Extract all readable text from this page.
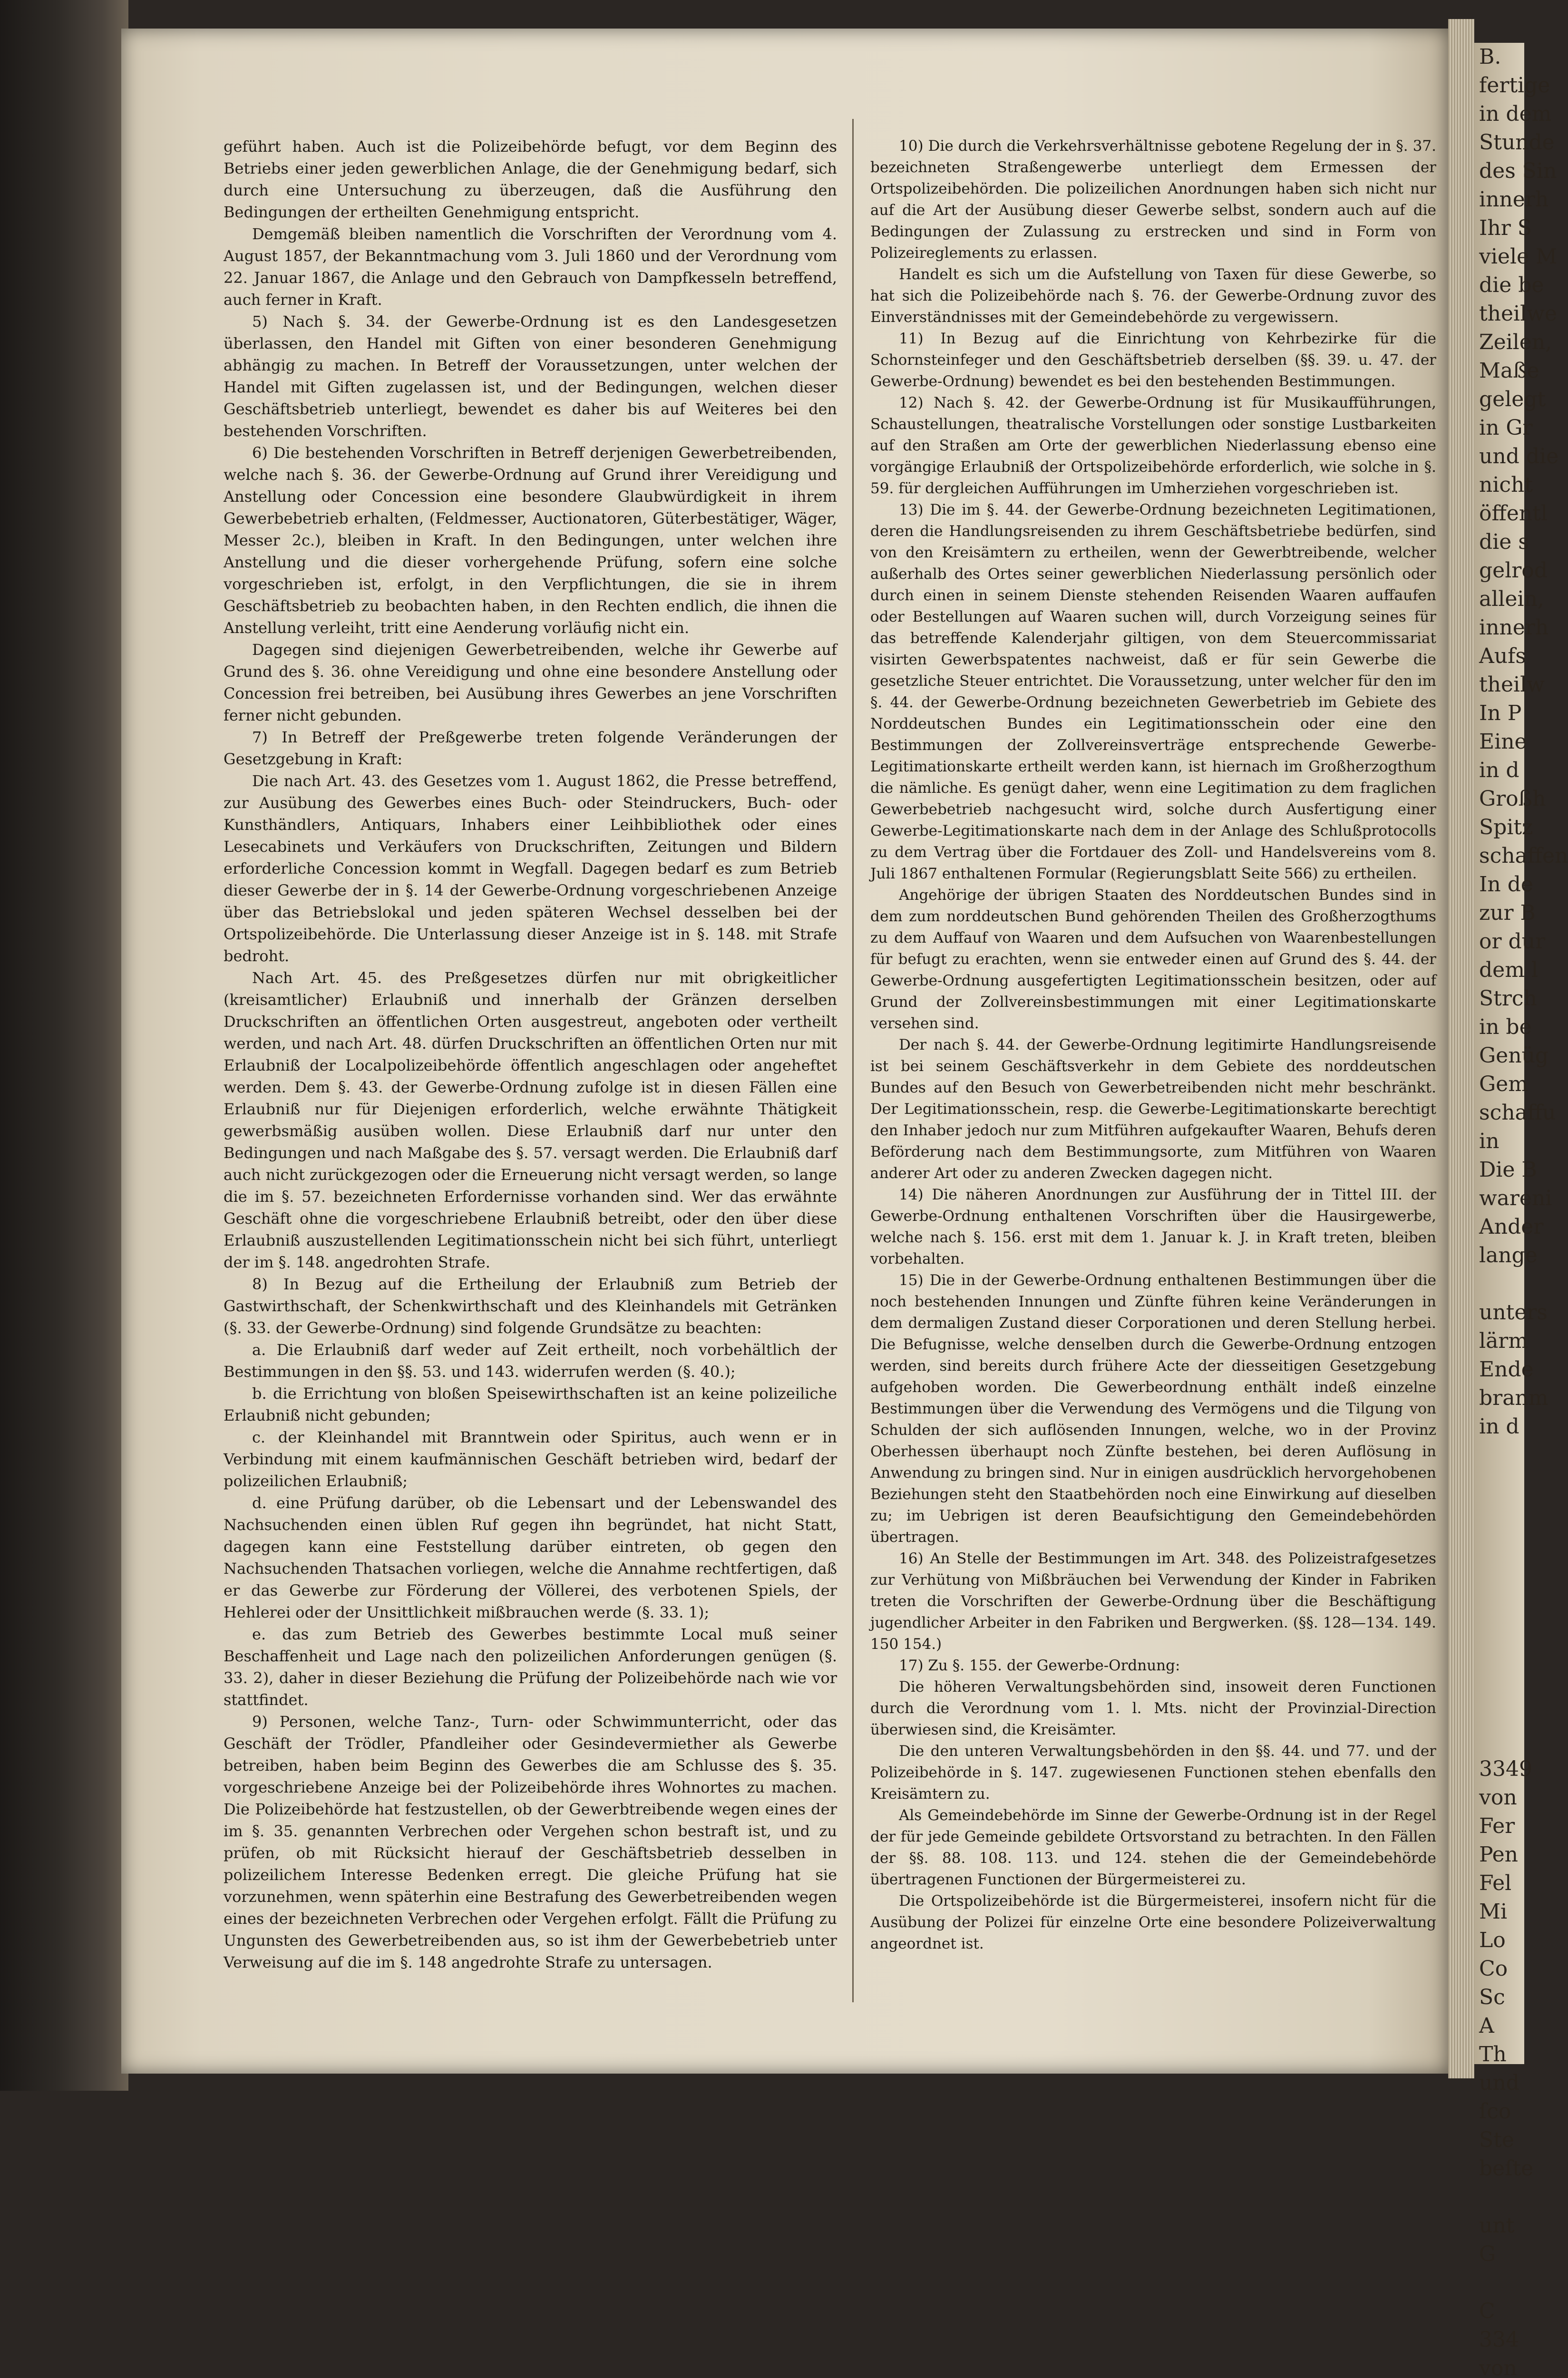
B.
fertige
in dem
Stunde
des Sin
innerh
Ihr S
viele M
die be
theilwe
Zeilen,
Maße
gelegt
in Gr
und die
nicht
öffentl
die s
gelrod
allein,
innerh
Aufs
theilw
In P
Eine
in d
Großh
Spitz
schaffen
In de
zur B
or dur
dem l
Strch
in be
Genüg
Gem
schaffu
in
Die B
wareni
Ander
lange

unters
lärm
Ende
branm
in d

3349
von
Fer
Pen
Fel
Mi
Lo
Co
Sc
A
Th
und
ſco
Ste
beſte

unt
G

C
334
von

geführt haben. Auch ist die Polizeibehörde befugt, vor dem Beginn des Betriebs einer jeden gewerblichen Anlage, die der Genehmigung bedarf, sich durch eine Untersuchung zu überzeugen, daß die Ausführung den Bedingungen der ertheilten Genehmigung entspricht.

Demgemäß bleiben namentlich die Vorschriften der Verordnung vom 4. August 1857, der Bekanntmachung vom 3. Juli 1860 und der Verordnung vom 22. Januar 1867, die Anlage und den Gebrauch von Dampfkesseln betreffend, auch ferner in Kraft.

5) Nach §. 34. der Gewerbe-Ordnung ist es den Landesgesetzen überlassen, den Handel mit Giften von einer besonderen Genehmigung abhängig zu machen. In Betreff der Voraussetzungen, unter welchen der Handel mit Giften zugelassen ist, und der Bedingungen, welchen dieser Geschäftsbetrieb unterliegt, bewendet es daher bis auf Weiteres bei den bestehenden Vorschriften.

6) Die bestehenden Vorschriften in Betreff derjenigen Gewerbetreibenden, welche nach §. 36. der Gewerbe-Ordnung auf Grund ihrer Vereidigung und Anstellung oder Concession eine besondere Glaubwürdigkeit in ihrem Gewerbebetrieb erhalten, (Feldmesser, Auctionatoren, Güterbestätiger, Wäger, Messer 2c.), bleiben in Kraft. In den Bedingungen, unter welchen ihre Anstellung und die dieser vorhergehende Prüfung, sofern eine solche vorgeschrieben ist, erfolgt, in den Verpflichtungen, die sie in ihrem Geschäftsbetrieb zu beobachten haben, in den Rechten endlich, die ihnen die Anstellung verleiht, tritt eine Aenderung vorläufig nicht ein.

Dagegen sind diejenigen Gewerbetreibenden, welche ihr Gewerbe auf Grund des §. 36. ohne Vereidigung und ohne eine besondere Anstellung oder Concession frei betreiben, bei Ausübung ihres Gewerbes an jene Vorschriften ferner nicht gebunden.

7) In Betreff der Preßgewerbe treten folgende Veränderungen der Gesetzgebung in Kraft:

Die nach Art. 43. des Gesetzes vom 1. August 1862, die Presse betreffend, zur Ausübung des Gewerbes eines Buch- oder Steindruckers, Buch- oder Kunsthändlers, Antiquars, Inhabers einer Leihbibliothek oder eines Lesecabinets und Verkäufers von Druckschriften, Zeitungen und Bildern erforderliche Concession kommt in Wegfall. Dagegen bedarf es zum Betrieb dieser Gewerbe der in §. 14 der Gewerbe-Ordnung vorgeschriebenen Anzeige über das Betriebslokal und jeden späteren Wechsel desselben bei der Ortspolizeibehörde. Die Unterlassung dieser Anzeige ist in §. 148. mit Strafe bedroht.

Nach Art. 45. des Preßgesetzes dürfen nur mit obrigkeitlicher (kreisamtlicher) Erlaubniß und innerhalb der Gränzen derselben Druckschriften an öffentlichen Orten ausgestreut, angeboten oder vertheilt werden, und nach Art. 48. dürfen Druckschriften an öffentlichen Orten nur mit Erlaubniß der Localpolizeibehörde öffentlich angeschlagen oder angeheftet werden. Dem §. 43. der Gewerbe-Ordnung zufolge ist in diesen Fällen eine Erlaubniß nur für Diejenigen erforderlich, welche erwähnte Thätigkeit gewerbsmäßig ausüben wollen. Diese Erlaubniß darf nur unter den Bedingungen und nach Maßgabe des §. 57. versagt werden. Die Erlaubniß darf auch nicht zurückgezogen oder die Erneuerung nicht versagt werden, so lange die im §. 57. bezeichneten Erfordernisse vorhanden sind. Wer das erwähnte Geschäft ohne die vorgeschriebene Erlaubniß betreibt, oder den über diese Erlaubniß auszustellenden Legitimationsschein nicht bei sich führt, unterliegt der im §. 148. angedrohten Strafe.

8) In Bezug auf die Ertheilung der Erlaubniß zum Betrieb der Gastwirthschaft, der Schenkwirthschaft und des Kleinhandels mit Getränken (§. 33. der Gewerbe-Ordnung) sind folgende Grundsätze zu beachten:

a. Die Erlaubniß darf weder auf Zeit ertheilt, noch vorbehältlich der Bestimmungen in den §§. 53. und 143. widerrufen werden (§. 40.);

b. die Errichtung von bloßen Speisewirthschaften ist an keine polizeiliche Erlaubniß nicht gebunden;

c. der Kleinhandel mit Branntwein oder Spiritus, auch wenn er in Verbindung mit einem kaufmännischen Geschäft betrieben wird, bedarf der polizeilichen Erlaubniß;

d. eine Prüfung darüber, ob die Lebensart und der Lebenswandel des Nachsuchenden einen üblen Ruf gegen ihn begründet, hat nicht Statt, dagegen kann eine Feststellung darüber eintreten, ob gegen den Nachsuchenden Thatsachen vorliegen, welche die Annahme rechtfertigen, daß er das Gewerbe zur Förderung der Völlerei, des verbotenen Spiels, der Hehlerei oder der Unsittlichkeit mißbrauchen werde (§. 33. 1);

e. das zum Betrieb des Gewerbes bestimmte Local muß seiner Beschaffenheit und Lage nach den polizeilichen Anforderungen genügen (§. 33. 2), daher in dieser Beziehung die Prüfung der Polizeibehörde nach wie vor stattfindet.

9) Personen, welche Tanz-, Turn- oder Schwimmunterricht, oder das Geschäft der Trödler, Pfandleiher oder Gesindevermiether als Gewerbe betreiben, haben beim Beginn des Gewerbes die am Schlusse des §. 35. vorgeschriebene Anzeige bei der Polizeibehörde ihres Wohnortes zu machen. Die Polizeibehörde hat festzustellen, ob der Gewerbtreibende wegen eines der im §. 35. genannten Verbrechen oder Vergehen schon bestraft ist, und zu prüfen, ob mit Rücksicht hierauf der Geschäftsbetrieb desselben in polizeilichem Interesse Bedenken erregt. Die gleiche Prüfung hat sie vorzunehmen, wenn späterhin eine Bestrafung des Gewerbetreibenden wegen eines der bezeichneten Verbrechen oder Vergehen erfolgt. Fällt die Prüfung zu Ungunsten des Gewerbetreibenden aus, so ist ihm der Gewerbebetrieb unter Verweisung auf die im §. 148 angedrohte Strafe zu untersagen.

10) Die durch die Verkehrsverhältnisse gebotene Regelung der in §. 37. bezeichneten Straßengewerbe unterliegt dem Ermessen der Ortspolizeibehörden. Die polizeilichen Anordnungen haben sich nicht nur auf die Art der Ausübung dieser Gewerbe selbst, sondern auch auf die Bedingungen der Zulassung zu erstrecken und sind in Form von Polizeireglements zu erlassen.

Handelt es sich um die Aufstellung von Taxen für diese Gewerbe, so hat sich die Polizeibehörde nach §. 76. der Gewerbe-Ordnung zuvor des Einverständnisses mit der Gemeindebehörde zu vergewissern.

11) In Bezug auf die Einrichtung von Kehrbezirke für die Schornsteinfeger und den Geschäftsbetrieb derselben (§§. 39. u. 47. der Gewerbe-Ordnung) bewendet es bei den bestehenden Bestimmungen.

12) Nach §. 42. der Gewerbe-Ordnung ist für Musikaufführungen, Schaustellungen, theatralische Vorstellungen oder sonstige Lustbarkeiten auf den Straßen am Orte der gewerblichen Niederlassung ebenso eine vorgängige Erlaubniß der Ortspolizeibehörde erforderlich, wie solche in §. 59. für dergleichen Aufführungen im Umherziehen vorgeschrieben ist.

13) Die im §. 44. der Gewerbe-Ordnung bezeichneten Legitimationen, deren die Handlungsreisenden zu ihrem Geschäftsbetriebe bedürfen, sind von den Kreisämtern zu ertheilen, wenn der Gewerbtreibende, welcher außerhalb des Ortes seiner gewerblichen Niederlassung persönlich oder durch einen in seinem Dienste stehenden Reisenden Waaren auffaufen oder Bestellungen auf Waaren suchen will, durch Vorzeigung seines für das betreffende Kalenderjahr giltigen, von dem Steuercommissariat visirten Gewerbspatentes nachweist, daß er für sein Gewerbe die gesetzliche Steuer entrichtet. Die Voraussetzung, unter welcher für den im §. 44. der Gewerbe-Ordnung bezeichneten Gewerbetrieb im Gebiete des Norddeutschen Bundes ein Legitimationsschein oder eine den Bestimmungen der Zollvereinsverträge entsprechende Gewerbe-Legitimationskarte ertheilt werden kann, ist hiernach im Großherzogthum die nämliche. Es genügt daher, wenn eine Legitimation zu dem fraglichen Gewerbebetrieb nachgesucht wird, solche durch Ausfertigung einer Gewerbe-Legitimationskarte nach dem in der Anlage des Schlußprotocolls zu dem Vertrag über die Fortdauer des Zoll- und Handelsvereins vom 8. Juli 1867 enthaltenen Formular (Regierungsblatt Seite 566) zu ertheilen.

Angehörige der übrigen Staaten des Norddeutschen Bundes sind in dem zum norddeutschen Bund gehörenden Theilen des Großherzogthums zu dem Auffauf von Waaren und dem Aufsuchen von Waarenbestellungen für befugt zu erachten, wenn sie entweder einen auf Grund des §. 44. der Gewerbe-Ordnung ausgefertigten Legitimationsschein besitzen, oder auf Grund der Zollvereinsbestimmungen mit einer Legitimationskarte versehen sind.

Der nach §. 44. der Gewerbe-Ordnung legitimirte Handlungsreisende ist bei seinem Geschäftsverkehr in dem Gebiete des norddeutschen Bundes auf den Besuch von Gewerbetreibenden nicht mehr beschränkt. Der Legitimationsschein, resp. die Gewerbe-Legitimationskarte berechtigt den Inhaber jedoch nur zum Mitführen aufgekaufter Waaren, Behufs deren Beförderung nach dem Bestimmungsorte, zum Mitführen von Waaren anderer Art oder zu anderen Zwecken dagegen nicht.

14) Die näheren Anordnungen zur Ausführung der in Tittel III. der Gewerbe-Ordnung enthaltenen Vorschriften über die Hausirgewerbe, welche nach §. 156. erst mit dem 1. Januar k. J. in Kraft treten, bleiben vorbehalten.

15) Die in der Gewerbe-Ordnung enthaltenen Bestimmungen über die noch bestehenden Innungen und Zünfte führen keine Veränderungen in dem dermaligen Zustand dieser Corporationen und deren Stellung herbei. Die Befugnisse, welche denselben durch die Gewerbe-Ordnung entzogen werden, sind bereits durch frühere Acte der diesseitigen Gesetzgebung aufgehoben worden. Die Gewerbeordnung enthält indeß einzelne Bestimmungen über die Verwendung des Vermögens und die Tilgung von Schulden der sich auflösenden Innungen, welche, wo in der Provinz Oberhessen überhaupt noch Zünfte bestehen, bei deren Auflösung in Anwendung zu bringen sind. Nur in einigen ausdrücklich hervorgehobenen Beziehungen steht den Staatbehörden noch eine Einwirkung auf dieselben zu; im Uebrigen ist deren Beaufsichtigung den Gemeindebehörden übertragen.

16) An Stelle der Bestimmungen im Art. 348. des Polizeistrafgesetzes zur Verhütung von Mißbräuchen bei Verwendung der Kinder in Fabriken treten die Vorschriften der Gewerbe-Ordnung über die Beschäftigung jugendlicher Arbeiter in den Fabriken und Bergwerken. (§§. 128—134. 149. 150 154.)

17) Zu §. 155. der Gewerbe-Ordnung:

Die höheren Verwaltungsbehörden sind, insoweit deren Functionen durch die Verordnung vom 1. l. Mts. nicht der Provinzial-Direction überwiesen sind, die Kreisämter.

Die den unteren Verwaltungsbehörden in den §§. 44. und 77. und der Polizeibehörde in §. 147. zugewiesenen Functionen stehen ebenfalls den Kreisämtern zu.

Als Gemeindebehörde im Sinne der Gewerbe-Ordnung ist in der Regel der für jede Gemeinde gebildete Ortsvorstand zu betrachten. In den Fällen der §§. 88. 108. 113. und 124. stehen die der Gemeindebehörde übertragenen Functionen der Bürgermeisterei zu.

Die Ortspolizeibehörde ist die Bürgermeisterei, insofern nicht für die Ausübung der Polizei für einzelne Orte eine besondere Polizeiverwaltung angeordnet ist.
